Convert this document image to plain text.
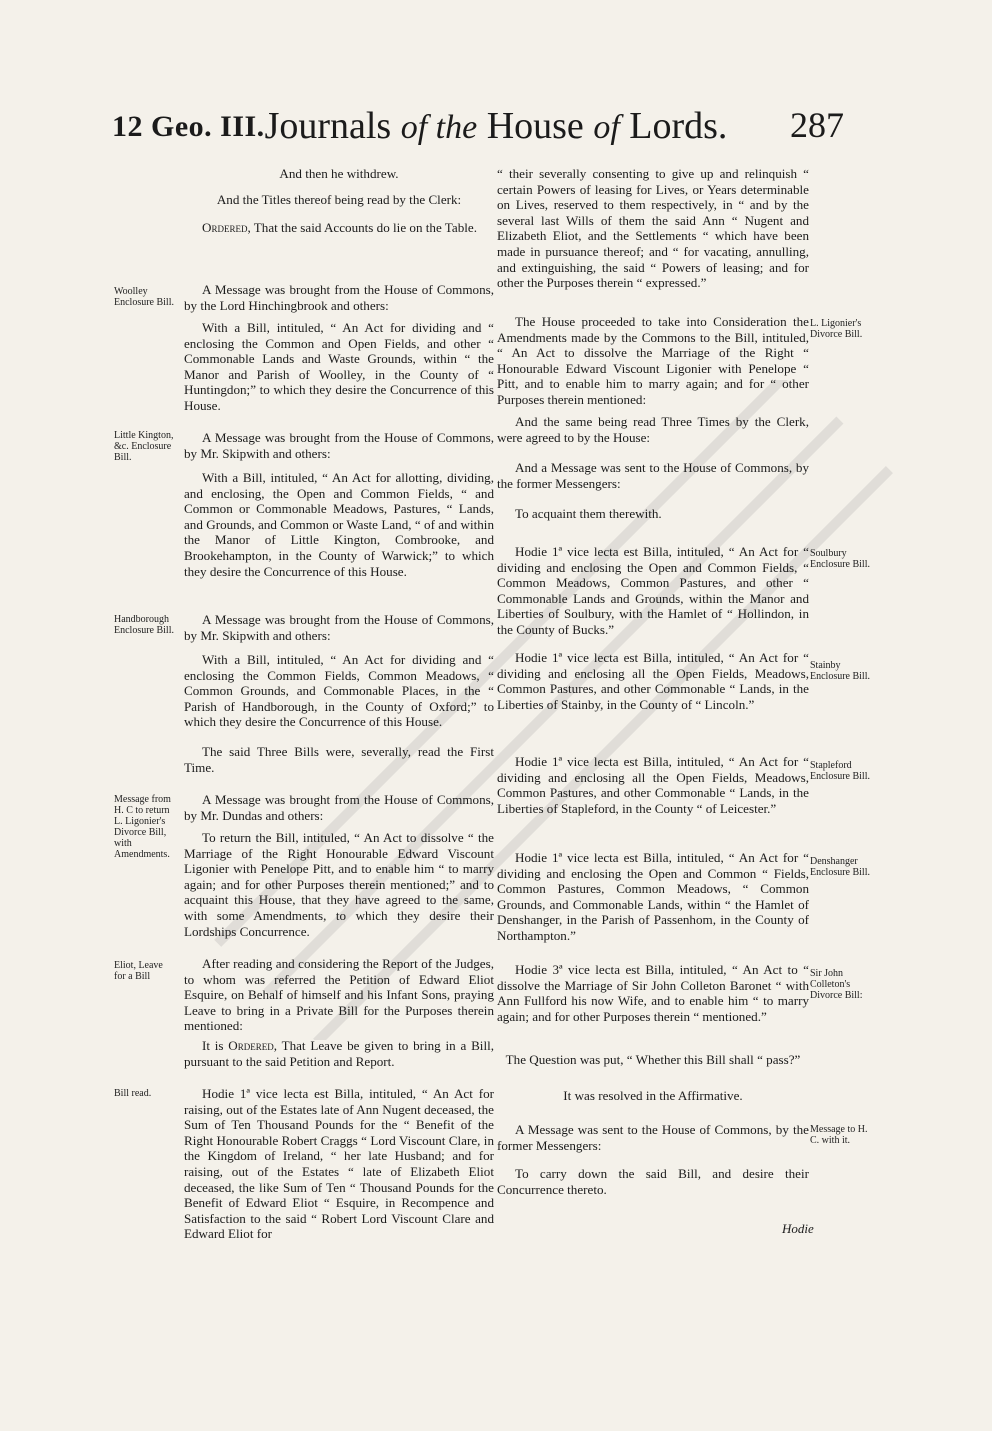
12 Geo. III. Journals of the House of Lords.	287
Woolley Enclosure Bill.
Little Kington, &c. Enclosure Bill.
Handborough Enclosure Bill.
Message from H. C to return L. Ligonier's Divorce Bill, with Amendments.
Eliot, Leave for a Bill
Bill read.
L. Ligonier's Divorce Bill.
Soulbury Enclosure Bill.
Stainby Enclosure Bill.
Stapleford Enclosure Bill.
Denshanger Enclosure Bill.
Sir John Colleton's Divorce Bill:
Message to H. C. with it.

And then he withdrew.

And the Titles thereof being read by the Clerk:

Ordered, That the said Accounts do lie on the Table.

A Message was brought from the House of Commons, by the Lord Hinchingbrook and others:

With a Bill, intituled, “ An Act for dividing and “ enclosing the Common and Open Fields, and other “ Commonable Lands and Waste Grounds, within “ the Manor and Parish of Woolley, in the County of “ Huntingdon;” to which they desire the Concurrence of this House.

A Message was brought from the House of Commons, by Mr. Skipwith and others:

With a Bill, intituled, “ An Act for allotting, dividing, and enclosing, the Open and Common Fields, “ and Common or Commonable Meadows, Pastures, “ Lands, and Grounds, and Common or Waste Land, “ of and within the Manor of Little Kington, Combrooke, and Brookehampton, in the County of Warwick;” to which they desire the Concurrence of this House.

A Message was brought from the House of Commons, by Mr. Skipwith and others:

With a Bill, intituled, “ An Act for dividing and “ enclosing the Common Fields, Common Meadows, “ Common Grounds, and Commonable Places, in the “ Parish of Handborough, in the County of Oxford;” to which they desire the Concurrence of this House.

The said Three Bills were, severally, read the First Time.

A Message was brought from the House of Commons, by Mr. Dundas and others:

To return the Bill, intituled, “ An Act to dissolve “ the Marriage of the Right Honourable Edward Viscount Ligonier with Penelope Pitt, and to enable him “ to marry again; and for other Purposes therein mentioned;” and to acquaint this House, that they have agreed to the same, with some Amendments, to which they desire their Lordships Concurrence.

After reading and considering the Report of the Judges, to whom was referred the Petition of Edward Eliot Esquire, on Behalf of himself and his Infant Sons, praying Leave to bring in a Private Bill for the Purposes therein mentioned:

It is Ordered, That Leave be given to bring in a Bill, pursuant to the said Petition and Report.

Hodie 1ª vice lecta est Billa, intituled, “ An Act for raising, out of the Estates late of Ann Nugent deceased, the Sum of Ten Thousand Pounds for the “ Benefit of the Right Honourable Robert Craggs “ Lord Viscount Clare, in the Kingdom of Ireland, “ her late Husband; and for raising, out of the Estates “ late of Elizabeth Eliot deceased, the like Sum of Ten “ Thousand Pounds for the Benefit of Edward Eliot “ Esquire, in Recompence and Satisfaction to the said “ Robert Lord Viscount Clare and Edward Eliot for

“ their severally consenting to give up and relinquish “ certain Powers of leasing for Lives, or Years determinable on Lives, reserved to them respectively, in “ and by the several last Wills of them the said Ann “ Nugent and Elizabeth Eliot, and the Settlements “ which have been made in pursuance thereof; and “ for vacating, annulling, and extinguishing, the said “ Powers of leasing; and for other the Purposes therein “ expressed.”

The House proceeded to take into Consideration the Amendments made by the Commons to the Bill, intituled, “ An Act to dissolve the Marriage of the Right “ Honourable Edward Viscount Ligonier with Penelope “ Pitt, and to enable him to marry again; and for “ other Purposes therein mentioned:

And the same being read Three Times by the Clerk, were agreed to by the House:

And a Message was sent to the House of Commons, by the former Messengers:

To acquaint them therewith.

Hodie 1ª vice lecta est Billa, intituled, “ An Act for “ dividing and enclosing the Open and Common Fields, “ Common Meadows, Common Pastures, and other “ Commonable Lands and Grounds, within the Manor and Liberties of Soulbury, with the Hamlet of “ Hollindon, in the County of Bucks.”

Hodie 1ª vice lecta est Billa, intituled, “ An Act for “ dividing and enclosing all the Open Fields, Meadows, Common Pastures, and other Commonable “ Lands, in the Liberties of Stainby, in the County of “ Lincoln.”

Hodie 1ª vice lecta est Billa, intituled, “ An Act for “ dividing and enclosing all the Open Fields, Meadows, Common Pastures, and other Commonable “ Lands, in the Liberties of Stapleford, in the County “ of Leicester.”

Hodie 1ª vice lecta est Billa, intituled, “ An Act for “ dividing and enclosing the Open and Common “ Fields, Common Pastures, Common Meadows, “ Common Grounds, and Commonable Lands, within “ the Hamlet of Denshanger, in the Parish of Passenhom, in the County of Northampton.”

Hodie 3ª vice lecta est Billa, intituled, “ An Act to “ dissolve the Marriage of Sir John Colleton Baronet “ with Ann Fullford his now Wife, and to enable him “ to marry again; and for other Purposes therein “ mentioned.”

The Question was put, “ Whether this Bill shall “ pass?”

It was resolved in the Affirmative.

A Message was sent to the House of Commons, by the former Messengers:

To carry down the said Bill, and desire their Concurrence thereto.

Hodie
